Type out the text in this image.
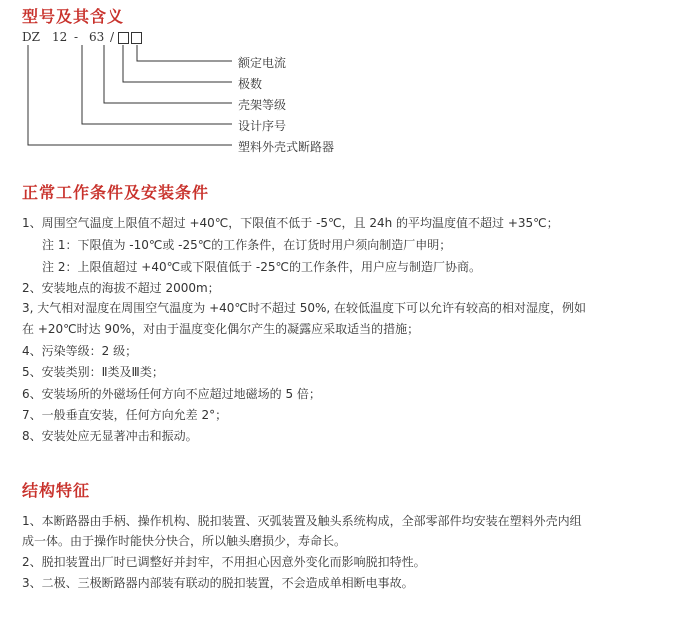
型号及其含义
DZ 12 - 63 /
额定电流
极数
壳架等级
设计序号
塑料外壳式断路器
正常工作条件及安装条件
1、周围空气温度上限值不超过 +40℃，下限值不低于 -5℃，且 24h 的平均温度值不超过 +35℃；
注 1：下限值为 -10℃或 -25℃的工作条件，在订货时用户须向制造厂申明；
注 2：上限值超过 +40℃或下限值低于 -25℃的工作条件，用户应与制造厂协商。
2、安装地点的海拔不超过 2000m；
3, 大气相对湿度在周围空气温度为 +40℃时不超过 50%, 在较低温度下可以允许有较高的相对湿度，例如
在 +20℃时达 90%，对由于温度变化偶尔产生的凝露应采取适当的措施；
4、污染等级：2 级；
5、安装类别：Ⅱ类及Ⅲ类；
6、安装场所的外磁场任何方向不应超过地磁场的 5 倍；
7、一般垂直安装，任何方向允差 2°；
8、安装处应无显著冲击和振动。
结构特征
1、本断路器由手柄、操作机构、脱扣装置、灭弧装置及触头系统构成，全部零部件均安装在塑料外壳内组
成一体。由于操作时能快分快合，所以触头磨损少，寿命长。
2、脱扣装置出厂时已调整好并封牢，不用担心因意外变化而影响脱扣特性。
3、二极、三极断路器内部装有联动的脱扣装置，不会造成单相断电事故。
